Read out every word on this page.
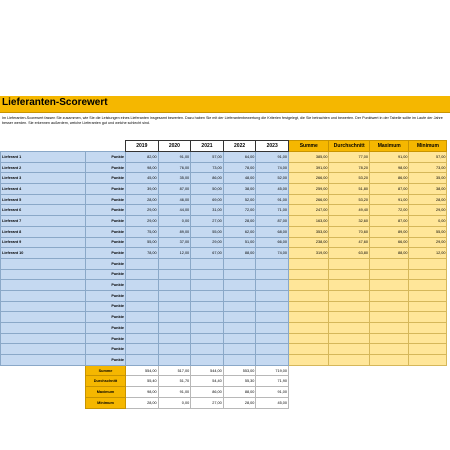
Lieferanten-Scorewert
Im Lieferanten-Scorewert fassen Sie zusammen, wie Sie die Leistungen eines Lieferanten insgesamt bewerten. Dazu haben Sie mit der Lieferantenbewertung die Kriterien festgelegt, die Sie betrachten und bewerten. Der Punktwert in der Tabelle sollte im Laufe der Jahre besser werden. Sie erkennen außerdem, welche Lieferanten gut und welche schlecht sind.
		2019	2020	2021	2022	2023	Summe	Durchschnitt	Maximum	Minimum
Lieferant 1	Punkte	82,00	91,00	57,00	64,00	91,00	385,00	77,00	91,00	57,00
Lieferant 2	Punkte	98,00	76,00	73,00	78,00	74,00	391,00	78,20	98,00	73,00
Lieferant 3	Punkte	45,00	35,00	86,00	48,00	52,00	266,00	53,20	86,00	35,00
Lieferant 4	Punkte	39,00	87,00	50,00	38,00	45,00	259,00	51,80	87,00	38,00
Lieferant 5	Punkte	28,00	46,00	69,00	52,00	91,00	266,00	53,20	91,00	28,00
Lieferant 6	Punkte	29,00	44,00	31,00	72,00	71,00	247,00	49,40	72,00	29,00
Lieferant 7	Punkte	29,00	0,00	27,00	28,00	87,00	163,00	32,60	87,00	0,00
Lieferant 8	Punkte	75,00	89,00	55,00	62,00	68,00	353,00	70,60	89,00	55,00
Lieferant 9	Punkte	55,00	37,00	29,00	51,00	66,00	238,00	47,60	66,00	29,00
Lieferant 10	Punkte	78,00	12,00	67,00	88,00	74,00	319,00	63,80	88,00	12,00
	Punkte									
	Punkte									
	Punkte									
	Punkte									
	Punkte									
	Punkte									
	Punkte									
	Punkte									
	Punkte									
	Punkte									
	Summe	554,00	517,00	544,00	553,00	719,00				
	Durchschnitt	55,40	51,70	54,40	55,30	71,90				
	Maximum	98,00	91,00	86,00	88,00	91,00				
	Minimum	28,00	0,00	27,00	28,00	45,00				
